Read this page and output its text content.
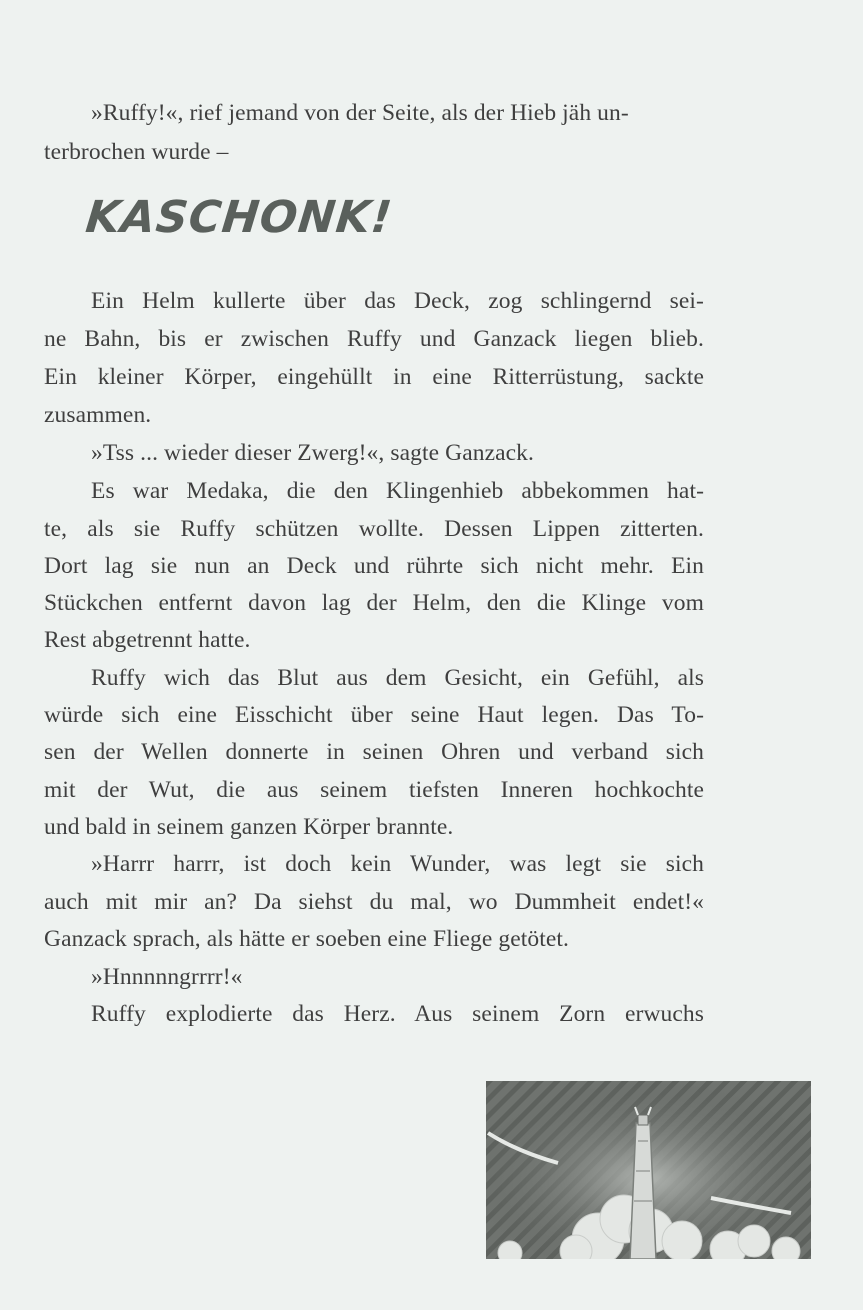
»Ruffy!«, rief jemand von der Seite, als der Hieb jäh un-
terbrochen wurde –
KASCHONK!
Ein Helm kullerte über das Deck, zog schlingernd sei-
ne Bahn, bis er zwischen Ruffy und Ganzack liegen blieb.
Ein kleiner Körper, eingehüllt in eine Ritterrüstung, sackte
zusammen.
»Tss ... wieder dieser Zwerg!«, sagte Ganzack.
Es war Medaka, die den Klingenhieb abbekommen hat-
te, als sie Ruffy schützen wollte. Dessen Lippen zitterten.
Dort lag sie nun an Deck und rührte sich nicht mehr. Ein
Stückchen entfernt davon lag der Helm, den die Klinge vom
Rest abgetrennt hatte.
Ruffy wich das Blut aus dem Gesicht, ein Gefühl, als
würde sich eine Eisschicht über seine Haut legen. Das To-
sen der Wellen donnerte in seinen Ohren und verband sich
mit der Wut, die aus seinem tiefsten Inneren hochkochte
und bald in seinem ganzen Körper brannte.
»Harrr harrr, ist doch kein Wunder, was legt sie sich
auch mit mir an? Da siehst du mal, wo Dummheit endet!«
Ganzack sprach, als hätte er soeben eine Fliege getötet.
»Hnnnnngrrrr!«
Ruffy explodierte das Herz. Aus seinem Zorn erwuchs
